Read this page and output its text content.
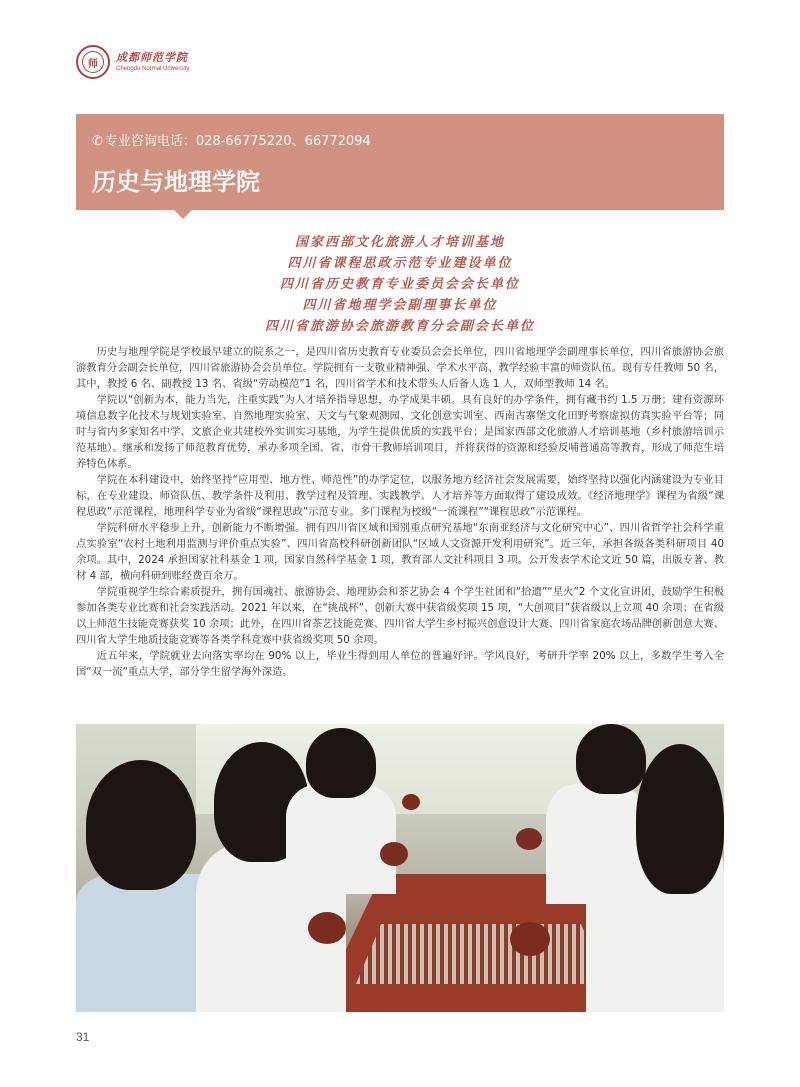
师	成都师范学院
Chengdu Normal University
✆ 专业咨询电话：028-66775220、66772094
历史与地理学院
国家西部文化旅游人才培训基地
四川省课程思政示范专业建设单位
四川省历史教育专业委员会会长单位
四川省地理学会副理事长单位
四川省旅游协会旅游教育分会副会长单位

历史与地理学院是学校最早建立的院系之一，是四川省历史教育专业委员会会长单位，四川省地理学会副理事长单位，四川省旅游协会旅游教育分会副会长单位，四川省旅游协会会员单位。学院拥有一支敬业精神强、学术水平高、教学经验丰富的师资队伍。现有专任教师 50 名，其中，教授 6 名、副教授 13 名、省级“劳动模范”1 名，四川省学术和技术带头人后备人选 1 人，双师型教师 14 名。

学院以“创新为本，能力当先，注重实践”为人才培养指导思想，办学成果丰硕。具有良好的办学条件，拥有藏书约 1.5 万册；建有资源环境信息数字化技术与规划实验室、自然地理实验室、天文与气象观测园、文化创意实训室、西南古寨堡文化田野考察虚拟仿真实验平台等；同时与省内多家知名中学、文旅企业共建校外实训实习基地，为学生提供优质的实践平台；是国家西部文化旅游人才培训基地（乡村旅游培训示范基地）。继承和发扬了师范教育优势，承办多项全国、省、市骨干教师培训项目，并将获得的资源和经验反哺普通高等教育，形成了师范生培养特色体系。

学院在本科建设中，始终坚持“应用型、地方性、师范性”的办学定位，以服务地方经济社会发展需要，始终坚持以强化内涵建设为专业目标，在专业建设、师资队伍、教学条件及利用、教学过程及管理、实践教学、人才培养等方面取得了建设成效。《经济地理学》课程为省级“课程思政”示范课程，地理科学专业为省级“课程思政”示范专业。多门课程为校级“一流课程”“课程思政”示范课程。

学院科研水平稳步上升，创新能力不断增强。拥有四川省区域和国别重点研究基地“东南亚经济与文化研究中心”、四川省哲学社会科学重点实验室“农村土地利用监测与评价重点实验”、四川省高校科研创新团队“区域人文资源开发利用研究”。近三年，承担各级各类科研项目 40 余项。其中，2024 承担国家社科基金 1 项，国家自然科学基金 1 项，教育部人文社科项目 3 项。公开发表学术论文近 50 篇，出版专著、教材 4 部，横向科研到账经费百余万。

学院重视学生综合素质提升，拥有国魂社、旅游协会、地理协会和茶艺协会 4 个学生社团和“拾遗”“星火”2 个文化宣讲团，鼓励学生积极参加各类专业比赛和社会实践活动。2021 年以来，在“挑战杯”、创新大赛中获省级奖项 15 项，“大创项目”获省级以上立项 40 余项；在省级以上师范生技能竞赛获奖 10 余项；此外，在四川省茶艺技能竞赛、四川省大学生乡村振兴创意设计大赛、四川省家庭农场品牌创新创意大赛、四川省大学生地质技能竞赛等各类学科竞赛中获省级奖项 50 余项。

近五年来，学院就业去向落实率均在 90% 以上，毕业生得到用人单位的普遍好评。学风良好，考研升学率 20% 以上，多数学生考入全国“双一流”重点大学，部分学生留学海外深造。

31
